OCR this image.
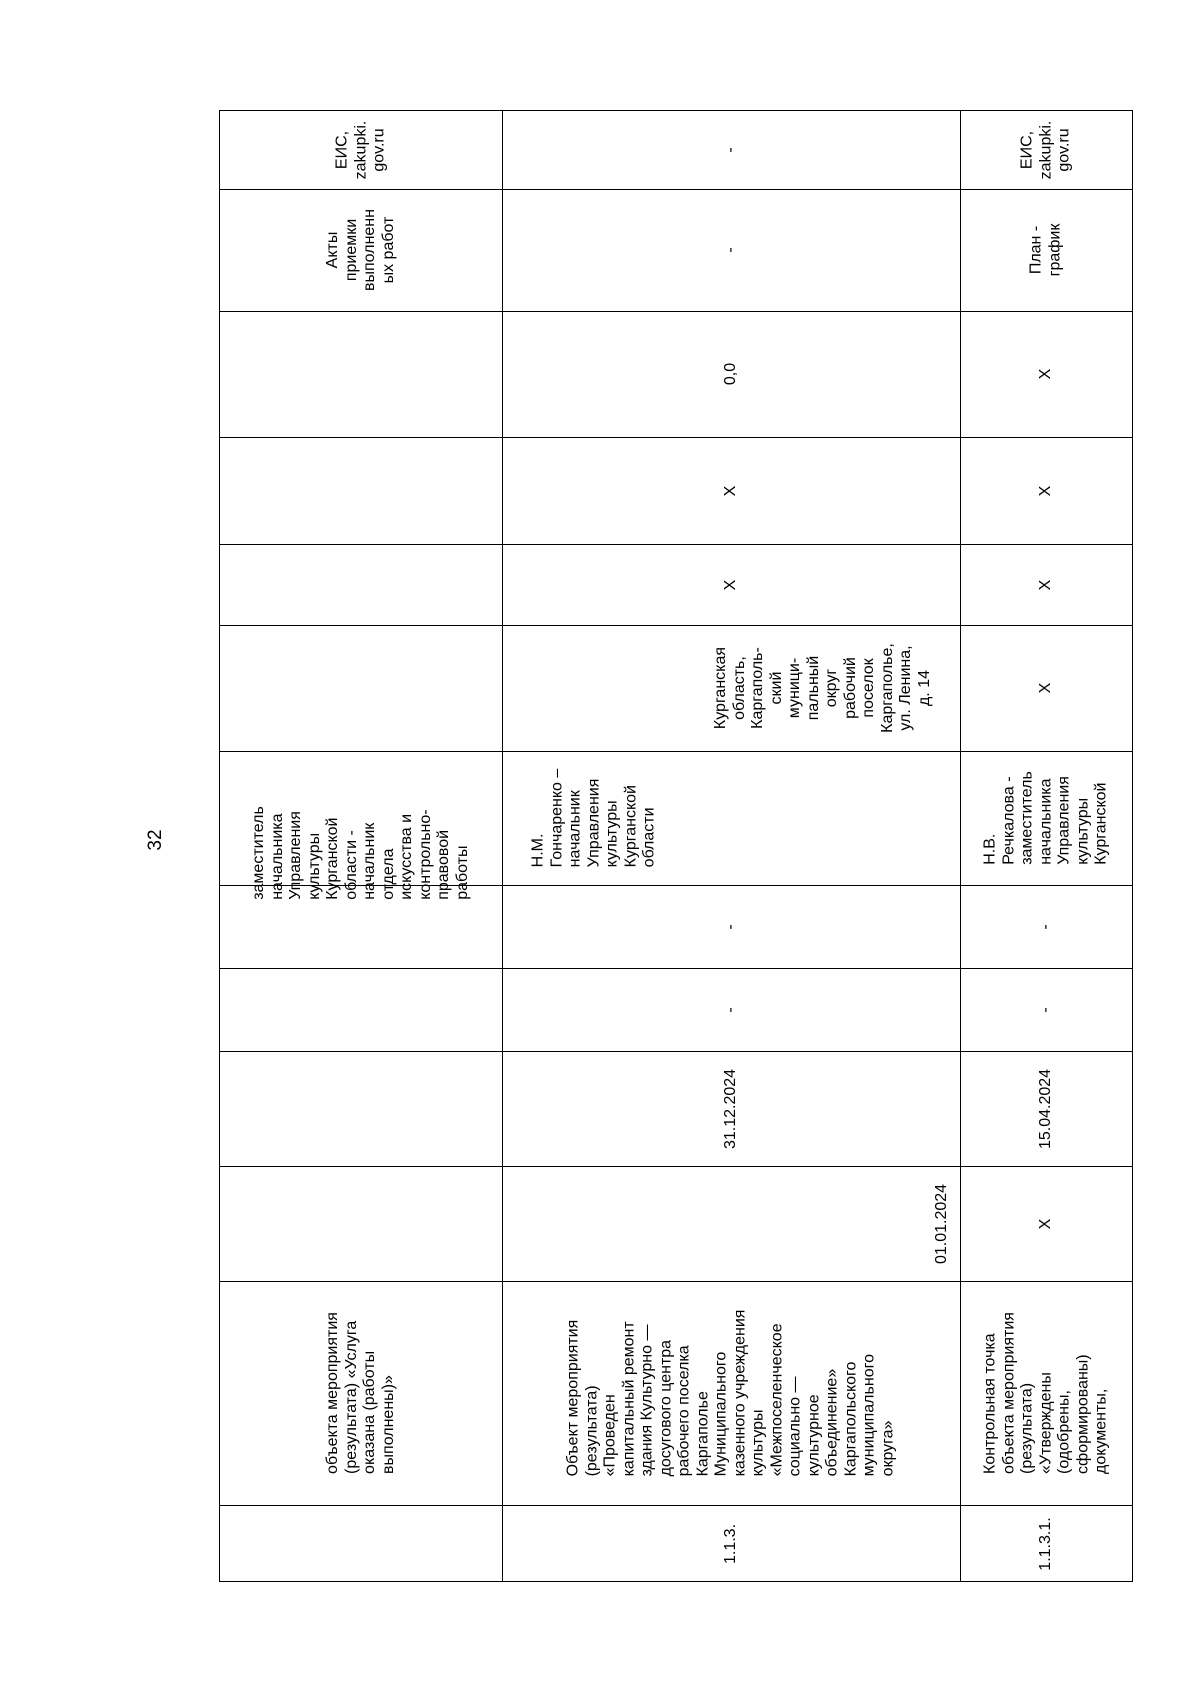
32
ЕИС,
zakupki.
gov.ru
Акты
приемки
выполненн
ых работ
заместитель
начальника
Управления
культуры
Курганской
области -
начальник
отдела
искусства и
контрольно-
правовой
работы
объекта мероприятия
(результата) «Услуга
оказана (работы
выполнены)»
-
-
0,0
Х
Х
Курганская
область,
Каргаполь-
ский
муници-
пальный
округ
рабочий
поселок
Каргаполье,
ул. Ленина,
д. 14
Н.М.
Гончаренко –
начальник
Управления
культуры
Курганской
области
-
-
31.12.2024
01.01.2024
Объект мероприятия
(результата)
«Проведен
капитальный ремонт
здания Культурно —
досугового центра
рабочего поселка
Каргаполье
Муниципального
казенного учреждения
культуры
«Межпоселенческое
социально —
культурное
объединение»
Каргапольского
муниципального
округа»
1.1.3.
ЕИС,
zakupki.
gov.ru
План -
график
Х
Х
Х
Х
Н.В.
Речкалова -
заместитель
начальника
Управления
культуры
Курганской
-
-
15.04.2024
Х
Контрольная точка
объекта мероприятия
(результата)
«Утверждены
(одобрены,
сформированы)
документы,
1.1.3.1.
